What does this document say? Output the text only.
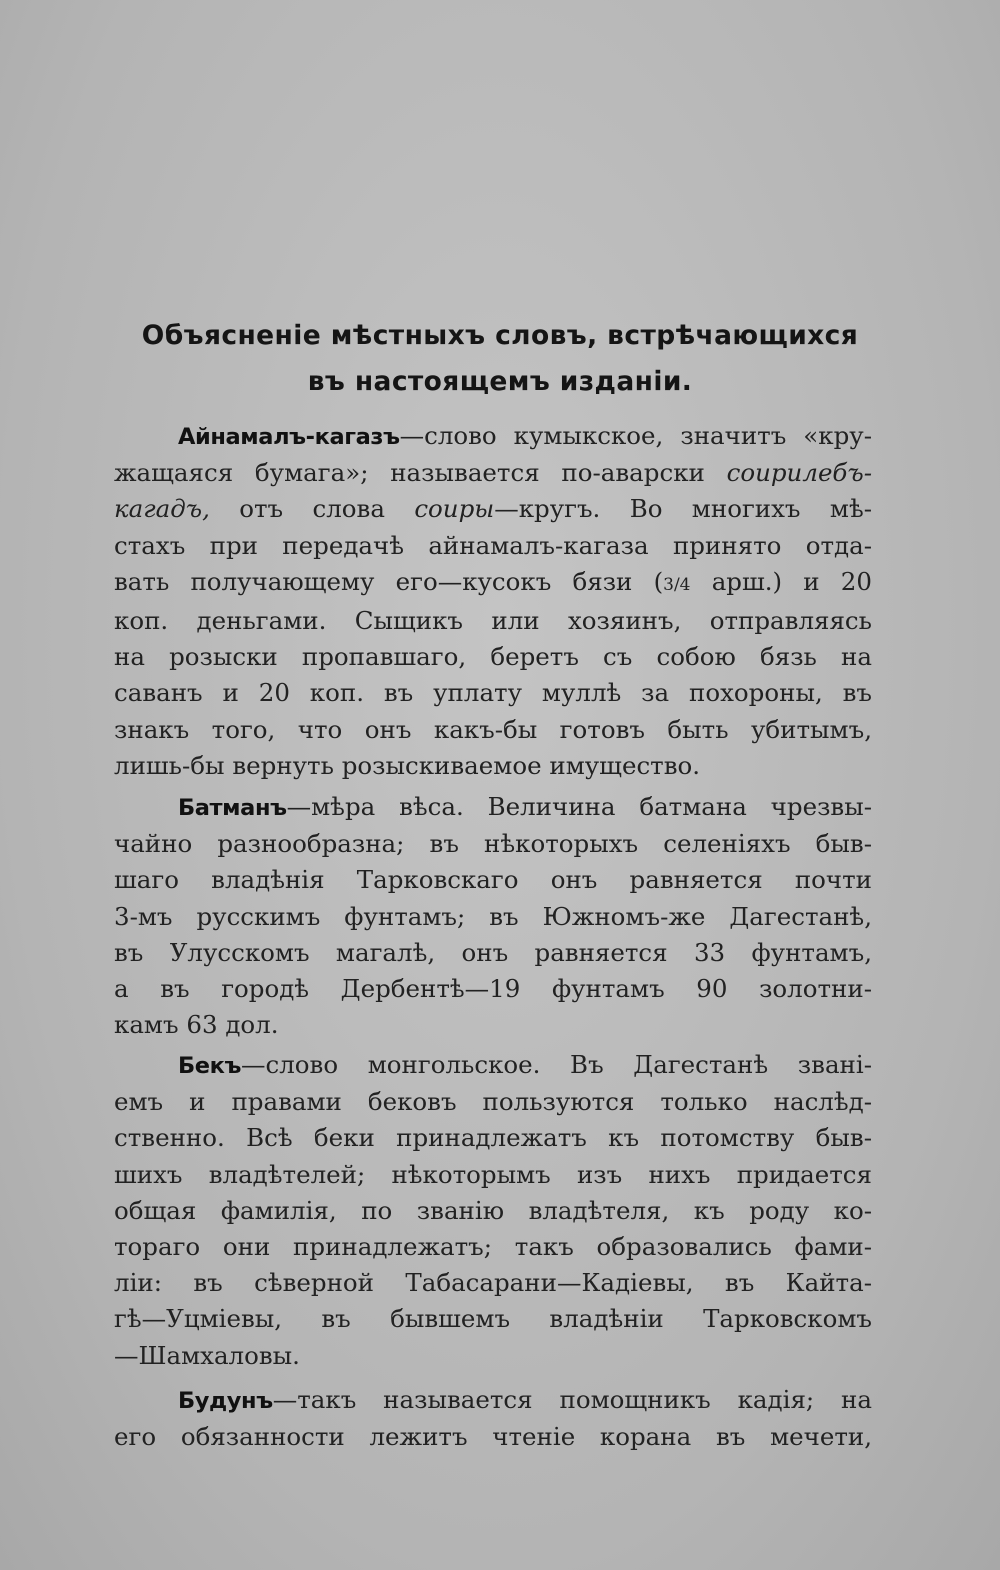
Объясненіе мѣстныхъ словъ, встрѣчающихся
въ настоящемъ изданіи.
Айнамалъ-кагазъ—слово кумыкское, значитъ «кру-
жащаяся бумага»; называется по-аварски соирилебъ-
кагадъ, отъ слова соиры—кругъ. Во многихъ мѣ-
стахъ при передачѣ айнамалъ-кагаза принято отда-
вать получающему его—кусокъ бязи (3/4 арш.) и 20
коп. деньгами. Сыщикъ или хозяинъ, отправляясь
на розыски пропавшаго, беретъ съ собою бязь на
саванъ и 20 коп. въ уплату муллѣ за похороны, въ
знакъ того, что онъ какъ-бы готовъ быть убитымъ,
лишь-бы вернуть розыскиваемое имущество.
Батманъ—мѣра вѣса. Величина батмана чрезвы-
чайно разнообразна; въ нѣкоторыхъ селеніяхъ быв-
шаго владѣнія Тарковскаго онъ равняется почти
3-мъ русскимъ фунтамъ; въ Южномъ-же Дагестанѣ,
въ Улусскомъ магалѣ, онъ равняется 33 фунтамъ,
а въ городѣ Дербентѣ—19 фунтамъ 90 золотни-
камъ 63 дол.
Бекъ—слово монгольское. Въ Дагестанѣ звані-
емъ и правами бековъ пользуются только наслѣд-
ственно. Всѣ беки принадлежатъ къ потомству быв-
шихъ владѣтелей; нѣкоторымъ изъ нихъ придается
общая фамилія, по званію владѣтеля, къ роду ко-
тораго они принадлежатъ; такъ образовались фами-
ліи: въ сѣверной Табасарани—Кадіевы, въ Кайта-
гѣ—Уцміевы, въ бывшемъ владѣніи Тарковскомъ
—Шамхаловы.
Будунъ—такъ называется помощникъ кадія; на
его обязанности лежитъ чтеніе корана въ мечети,
